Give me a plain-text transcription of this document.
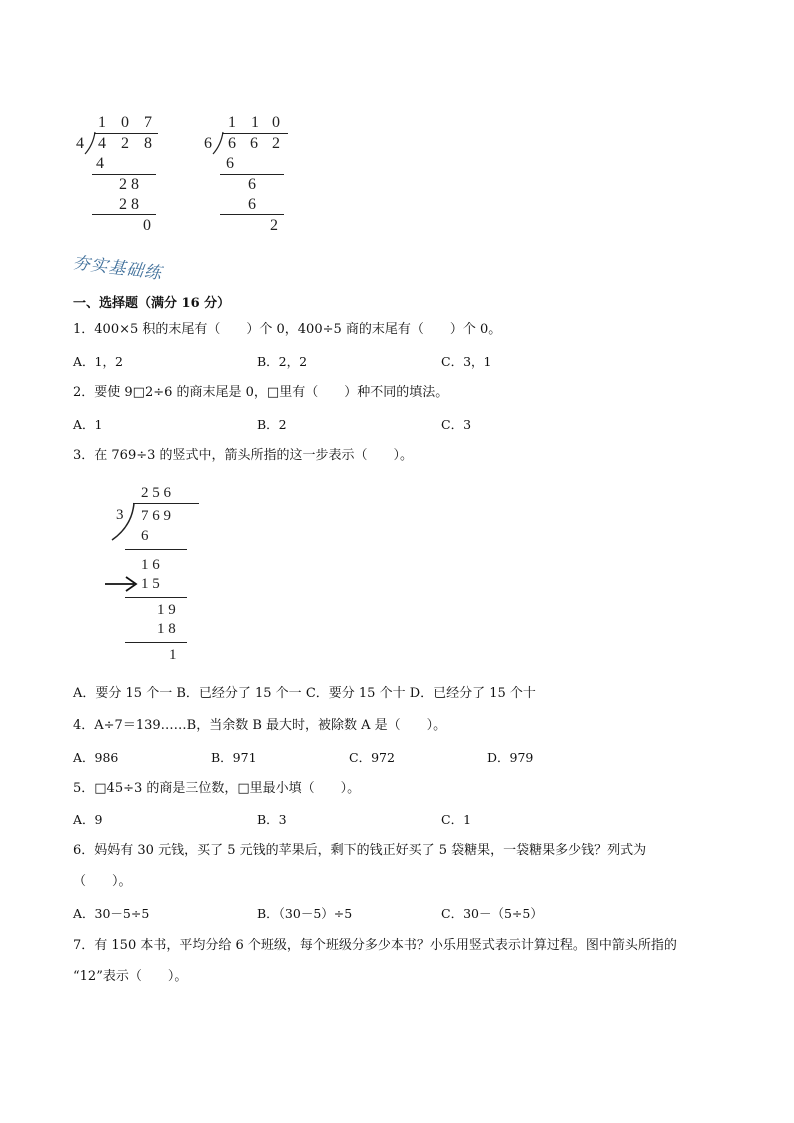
1 0 7
4 4 2 8
4
2 8
2 8
0
1 1 0
6 6 6 2
6
6
6
2
夯实基础练
一、选择题（满分 16 分）
1．400×5 积的末尾有（　　）个 0，400÷5 商的末尾有（　　）个 0。
A．1，2	B．2，2	C．3，1
2．要使 9□2÷6 的商末尾是 0，□里有（　　）种不同的填法。
A．1	B．2	C．3
3．在 769÷3 的竖式中，箭头所指的这一步表示（　　）。
2 5 6
3 7 6 9
6
1 6
1 5
1 9
1 8
1
A．要分 15 个一 B．已经分了 15 个一 C．要分 15 个十 D．已经分了 15 个十
4．A÷7＝139……B，当余数 B 最大时，被除数 A 是（　　）。
A．986	B．971	C．972	D．979
5．□45÷3 的商是三位数，□里最小填（　　）。
A．9	B．3	C．1
6．妈妈有 30 元钱，买了 5 元钱的苹果后，剩下的钱正好买了 5 袋糖果，一袋糖果多少钱？列式为
（　　）。
A．30－5÷5	B．（30－5）÷5	C．30－（5÷5）
7．有 150 本书，平均分给 6 个班级，每个班级分多少本书？小乐用竖式表示计算过程。图中箭头所指的
“12”表示（　　）。
